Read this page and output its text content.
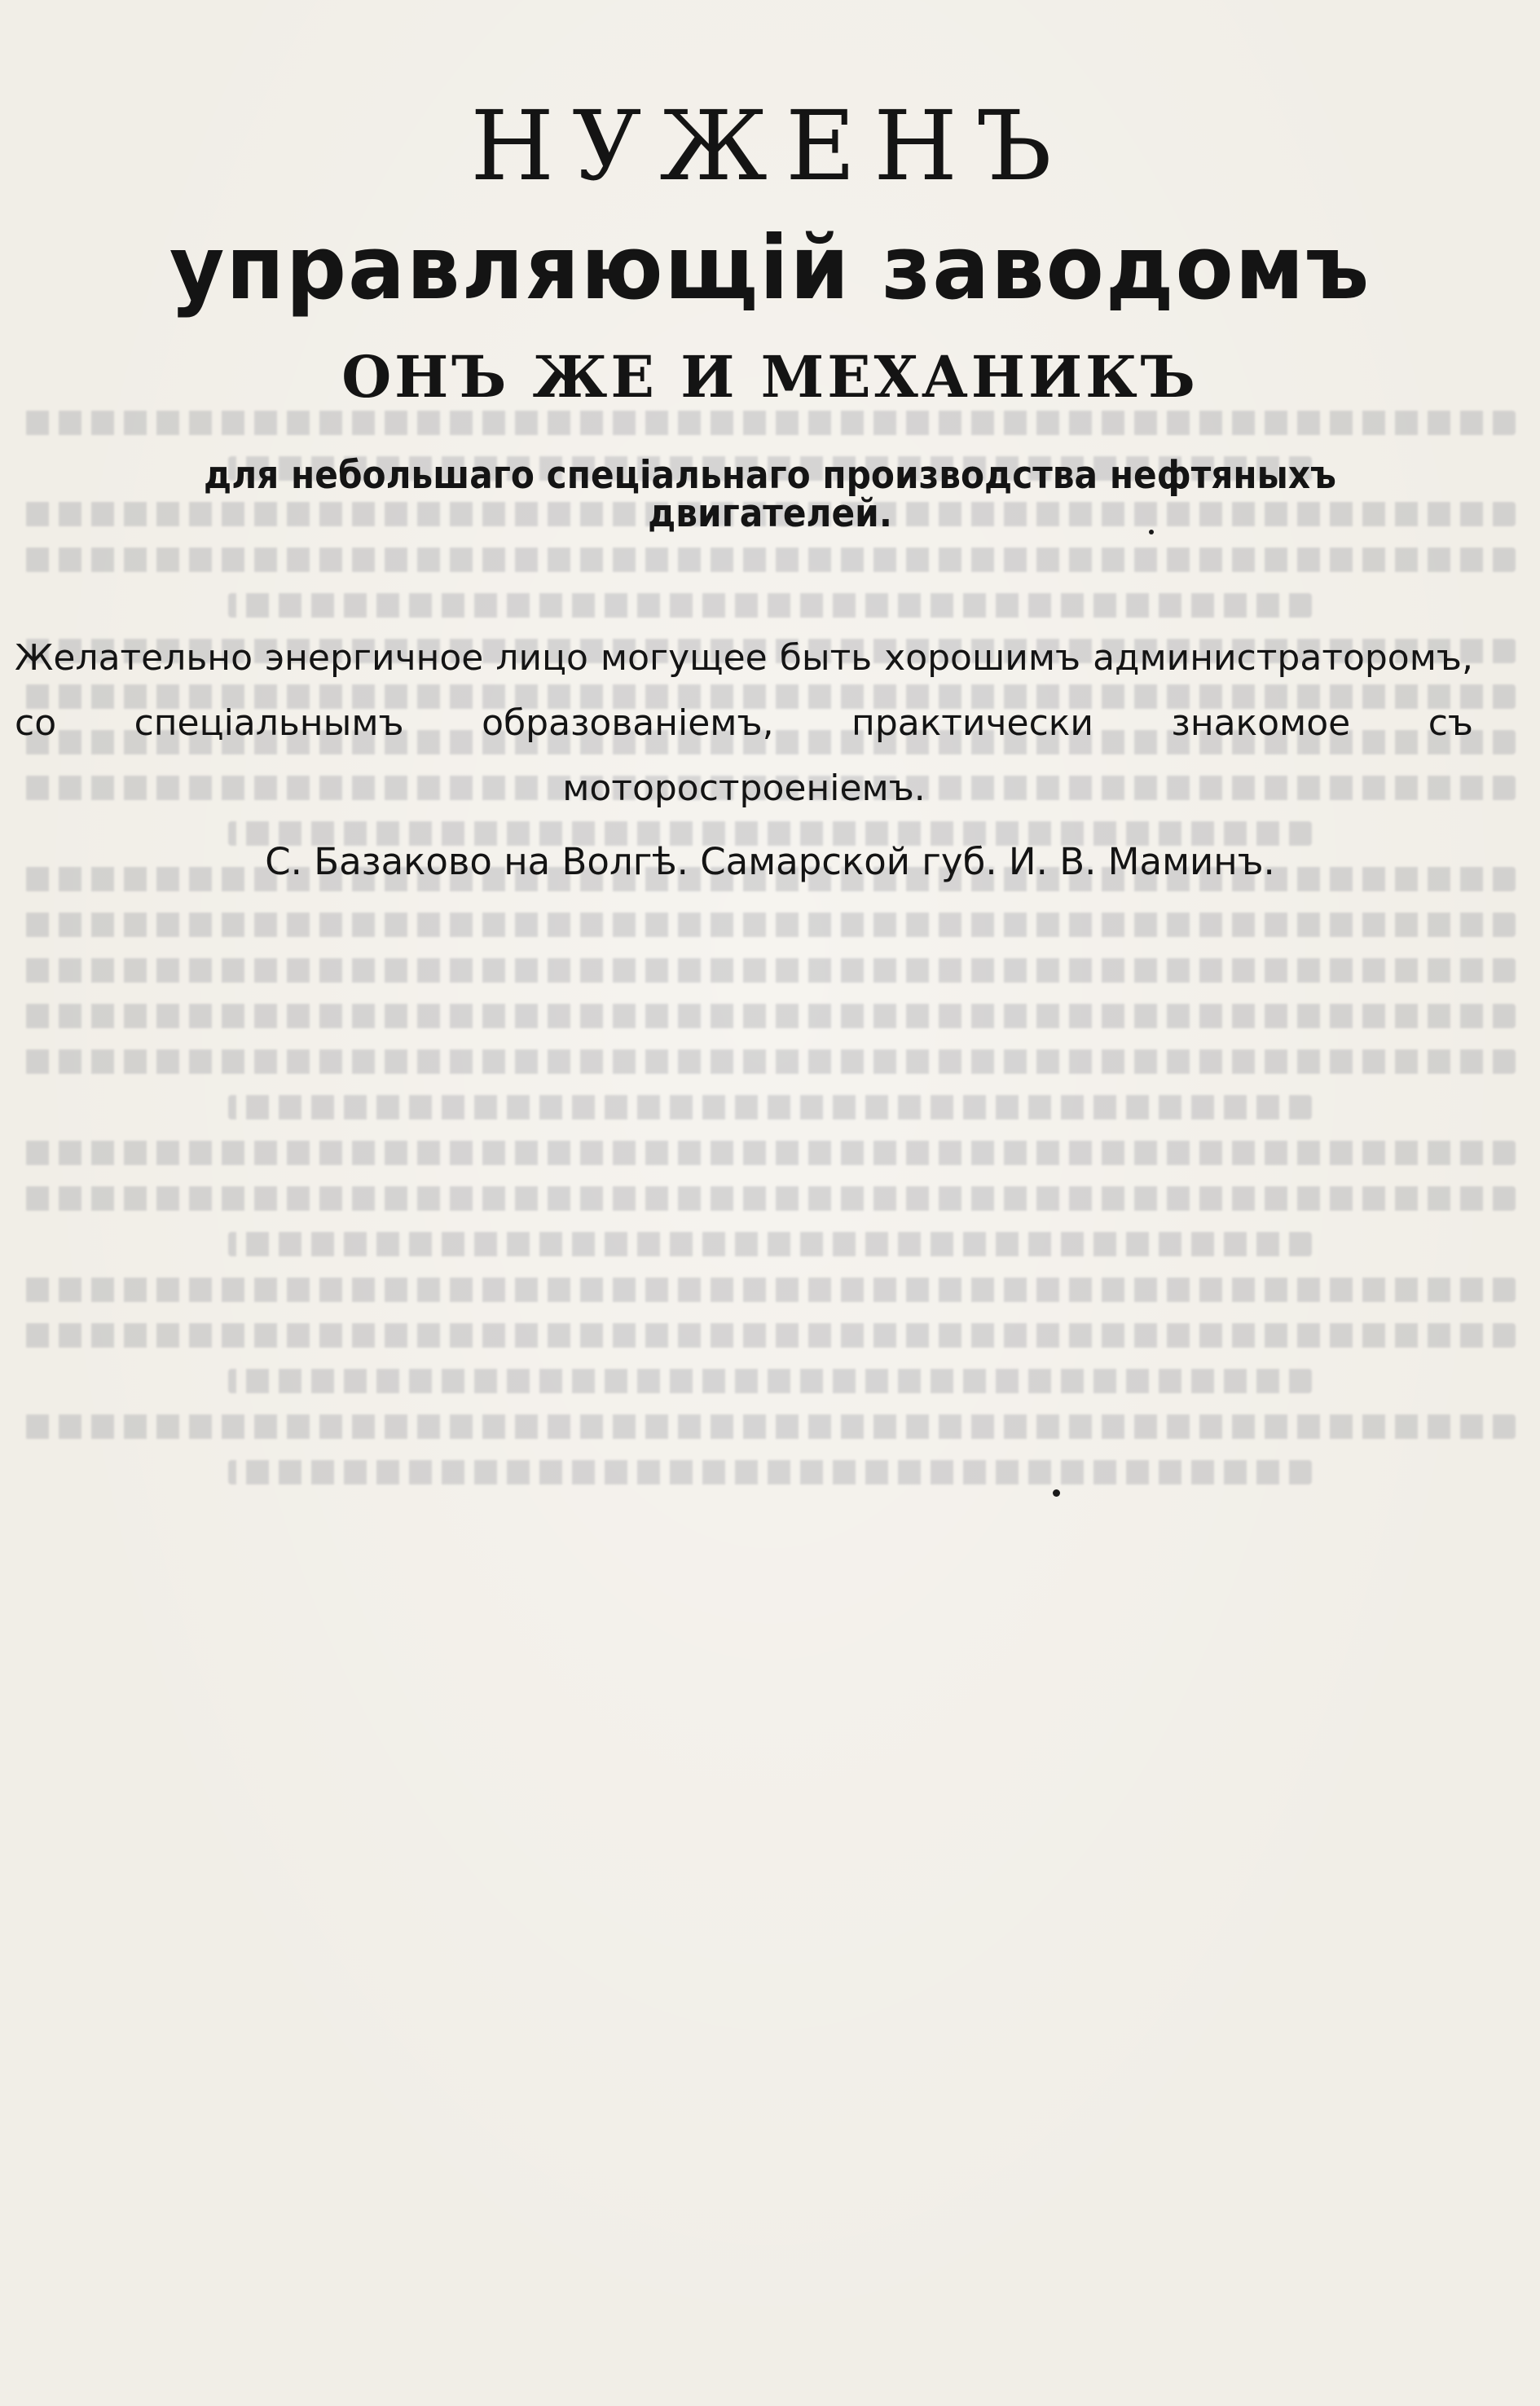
НУЖЕНЪ
управляющій заводомъ
ОНЪ ЖЕ И МЕХАНИКЪ
для небольшаго спеціальнаго производства нефтяныхъ двигателей.
Желательно энергичное лицо могущее быть хорошимъ администраторомъ, со спеціальнымъ образованіемъ, практически знакомое съ моторостроеніемъ.
С. Базаково на Волгѣ. Самарской губ. И. В. Маминъ.
